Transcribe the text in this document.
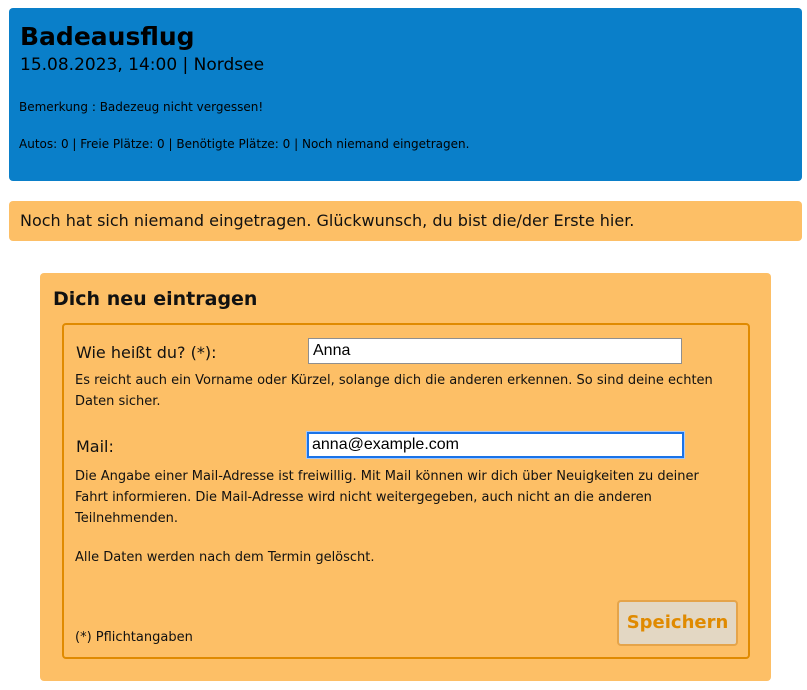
Badeausflug
15.08.2023, 14:00 | Nordsee
Bemerkung : Badezeug nicht vergessen!
Autos: 0 | Freie Plätze: 0 | Benötigte Plätze: 0 | Noch niemand eingetragen.
Noch hat sich niemand eingetragen. Glückwunsch, du bist die/der Erste hier.
Dich neu eintragen
Wie heißt du? (*):
Anna
Es reicht auch ein Vorname oder Kürzel, solange dich die anderen erkennen. So sind deine echten Daten sicher.
Mail:
anna@example.com
Die Angabe einer Mail-Adresse ist freiwillig. Mit Mail können wir dich über Neuigkeiten zu deiner Fahrt informieren. Die Mail-Adresse wird nicht weitergegeben, auch nicht an die anderen Teilnehmenden.
Alle Daten werden nach dem Termin gelöscht.
(*) Pflichtangaben
Speichern
